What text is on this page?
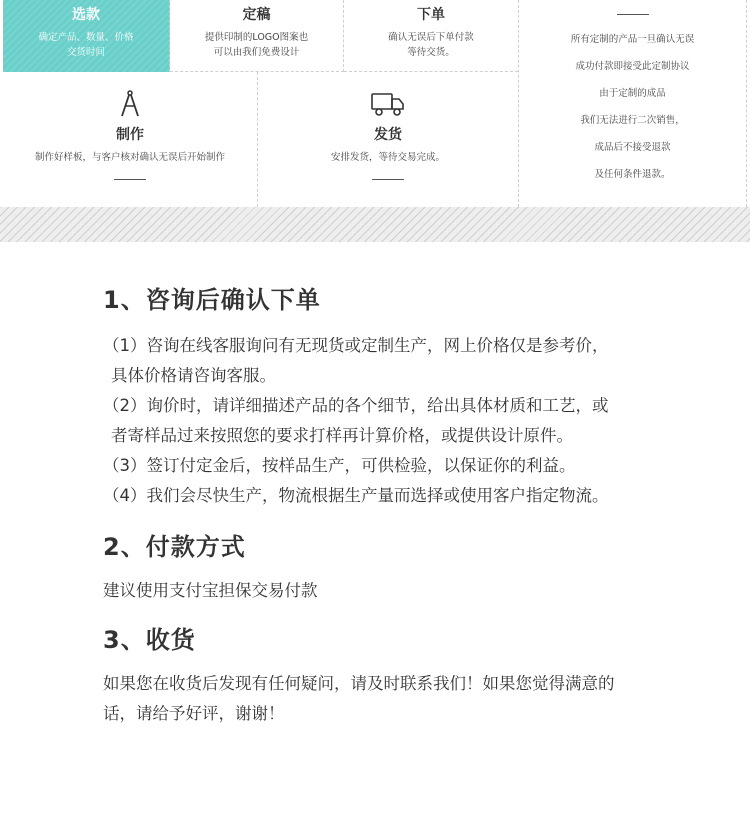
选款
确定产品、数量、价格
交货时间
定稿
提供印制的LOGO图案也
可以由我们免费设计
下单
确认无误后下单付款
等待交货。
制作
制作好样板，与客户核对确认无误后开始制作
发货
安排发货，等待交易完成。
所有定制的产品一旦确认无误
成功付款即接受此定制协议
由于定制的成品
我们无法进行二次销售，
成品后不接受退款
及任何条件退款。
1、咨询后确认下单

（1）咨询在线客服询问有无现货或定制生产，网上价格仅是参考价，

具体价格请咨询客服。

（2）询价时，请详细描述产品的各个细节，给出具体材质和工艺，或

者寄样品过来按照您的要求打样再计算价格，或提供设计原件。

（3）签订付定金后，按样品生产，可供检验，以保证你的利益。

（4）我们会尽快生产，物流根据生产量而选择或使用客户指定物流。

2、付款方式

建议使用支付宝担保交易付款

3、收货

如果您在收货后发现有任何疑问，请及时联系我们！如果您觉得满意的

话，请给予好评，谢谢！
